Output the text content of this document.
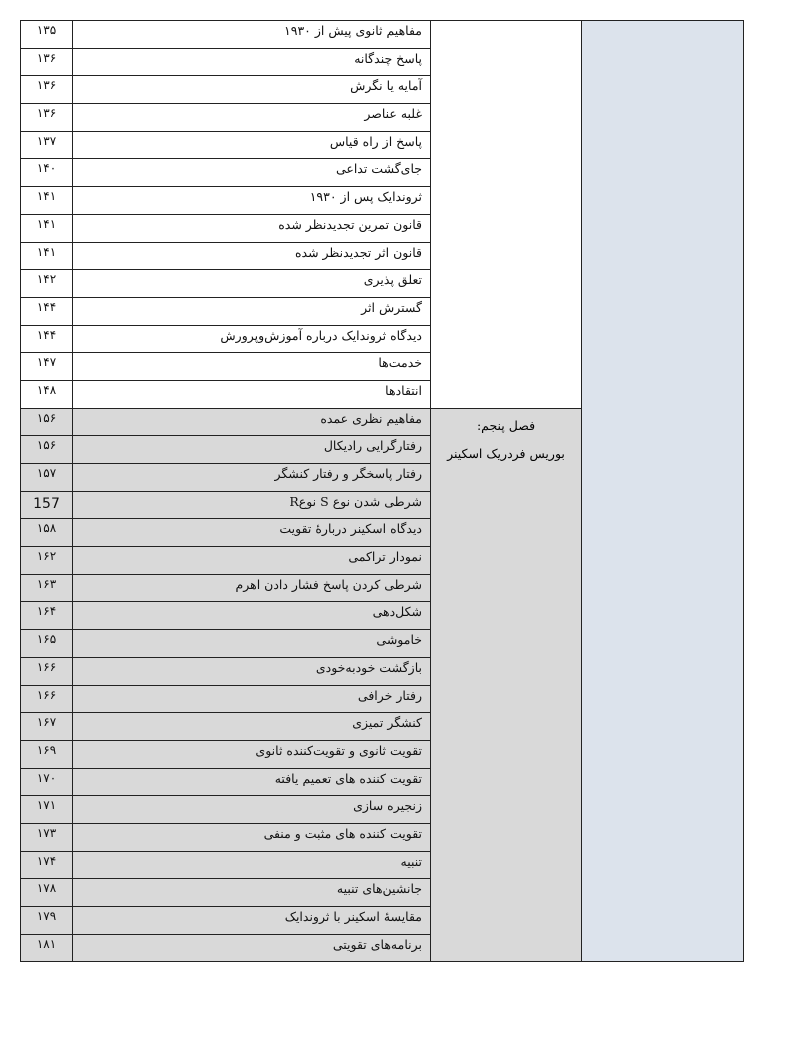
۱۳۵	مفاهیم ثانوی پیش از ۱۹۳۰	

۱۳۶	پاسخ چندگانه		
۱۳۶	آمایه یا نگرش		
۱۳۶	غلبه عناصر		
۱۳۷	پاسخ از راه قیاس		
۱۴۰	جای‌گشت تداعی		
۱۴۱	ثروندایک پس از ۱۹۳۰		
۱۴۱	قانون تمرین تجدیدنظر شده		
۱۴۱	قانون اثر تجدیدنظر شده		
۱۴۲	تعلق پذیری		
۱۴۴	گسترش اثر		
۱۴۴	دیدگاه ثروندایک درباره آموزش‌وپرورش		
۱۴۷	خدمت‌ها		
۱۴۸	انتقادها		
۱۵۶	مفاهیم نظری عمده	فصل پنجم:
بوریس فردریک اسکینر	

۱۵۶	رفتارگرایی رادیکال		
۱۵۷	رفتار پاسخگر و رفتار کنشگر		
157	شرطی شدن نوع S نوعR		
۱۵۸	دیدگاه اسکینر دربارهٔ تقویت		
۱۶۲	نمودار تراکمی		
۱۶۳	شرطی کردن پاسخ فشار دادن اهرم		
۱۶۴	شکل‌دهی		
۱۶۵	خاموشی		
۱۶۶	بازگشت خودبه‌خودی		
۱۶۶	رفتار خرافی		
۱۶۷	کنشگر تمیزی		
۱۶۹	تقویت ثانوی و تقویت‌کننده ثانوی		
۱۷۰	تقویت کننده های تعمیم یافته		
۱۷۱	زنجیره سازی		
۱۷۳	تقویت کننده های مثبت و منفی		
۱۷۴	تنبیه		
۱۷۸	جانشین‌های تنبیه		
۱۷۹	مقایسهٔ اسکینر با ثروندایک		
۱۸۱	برنامه‌های تقویتی		
